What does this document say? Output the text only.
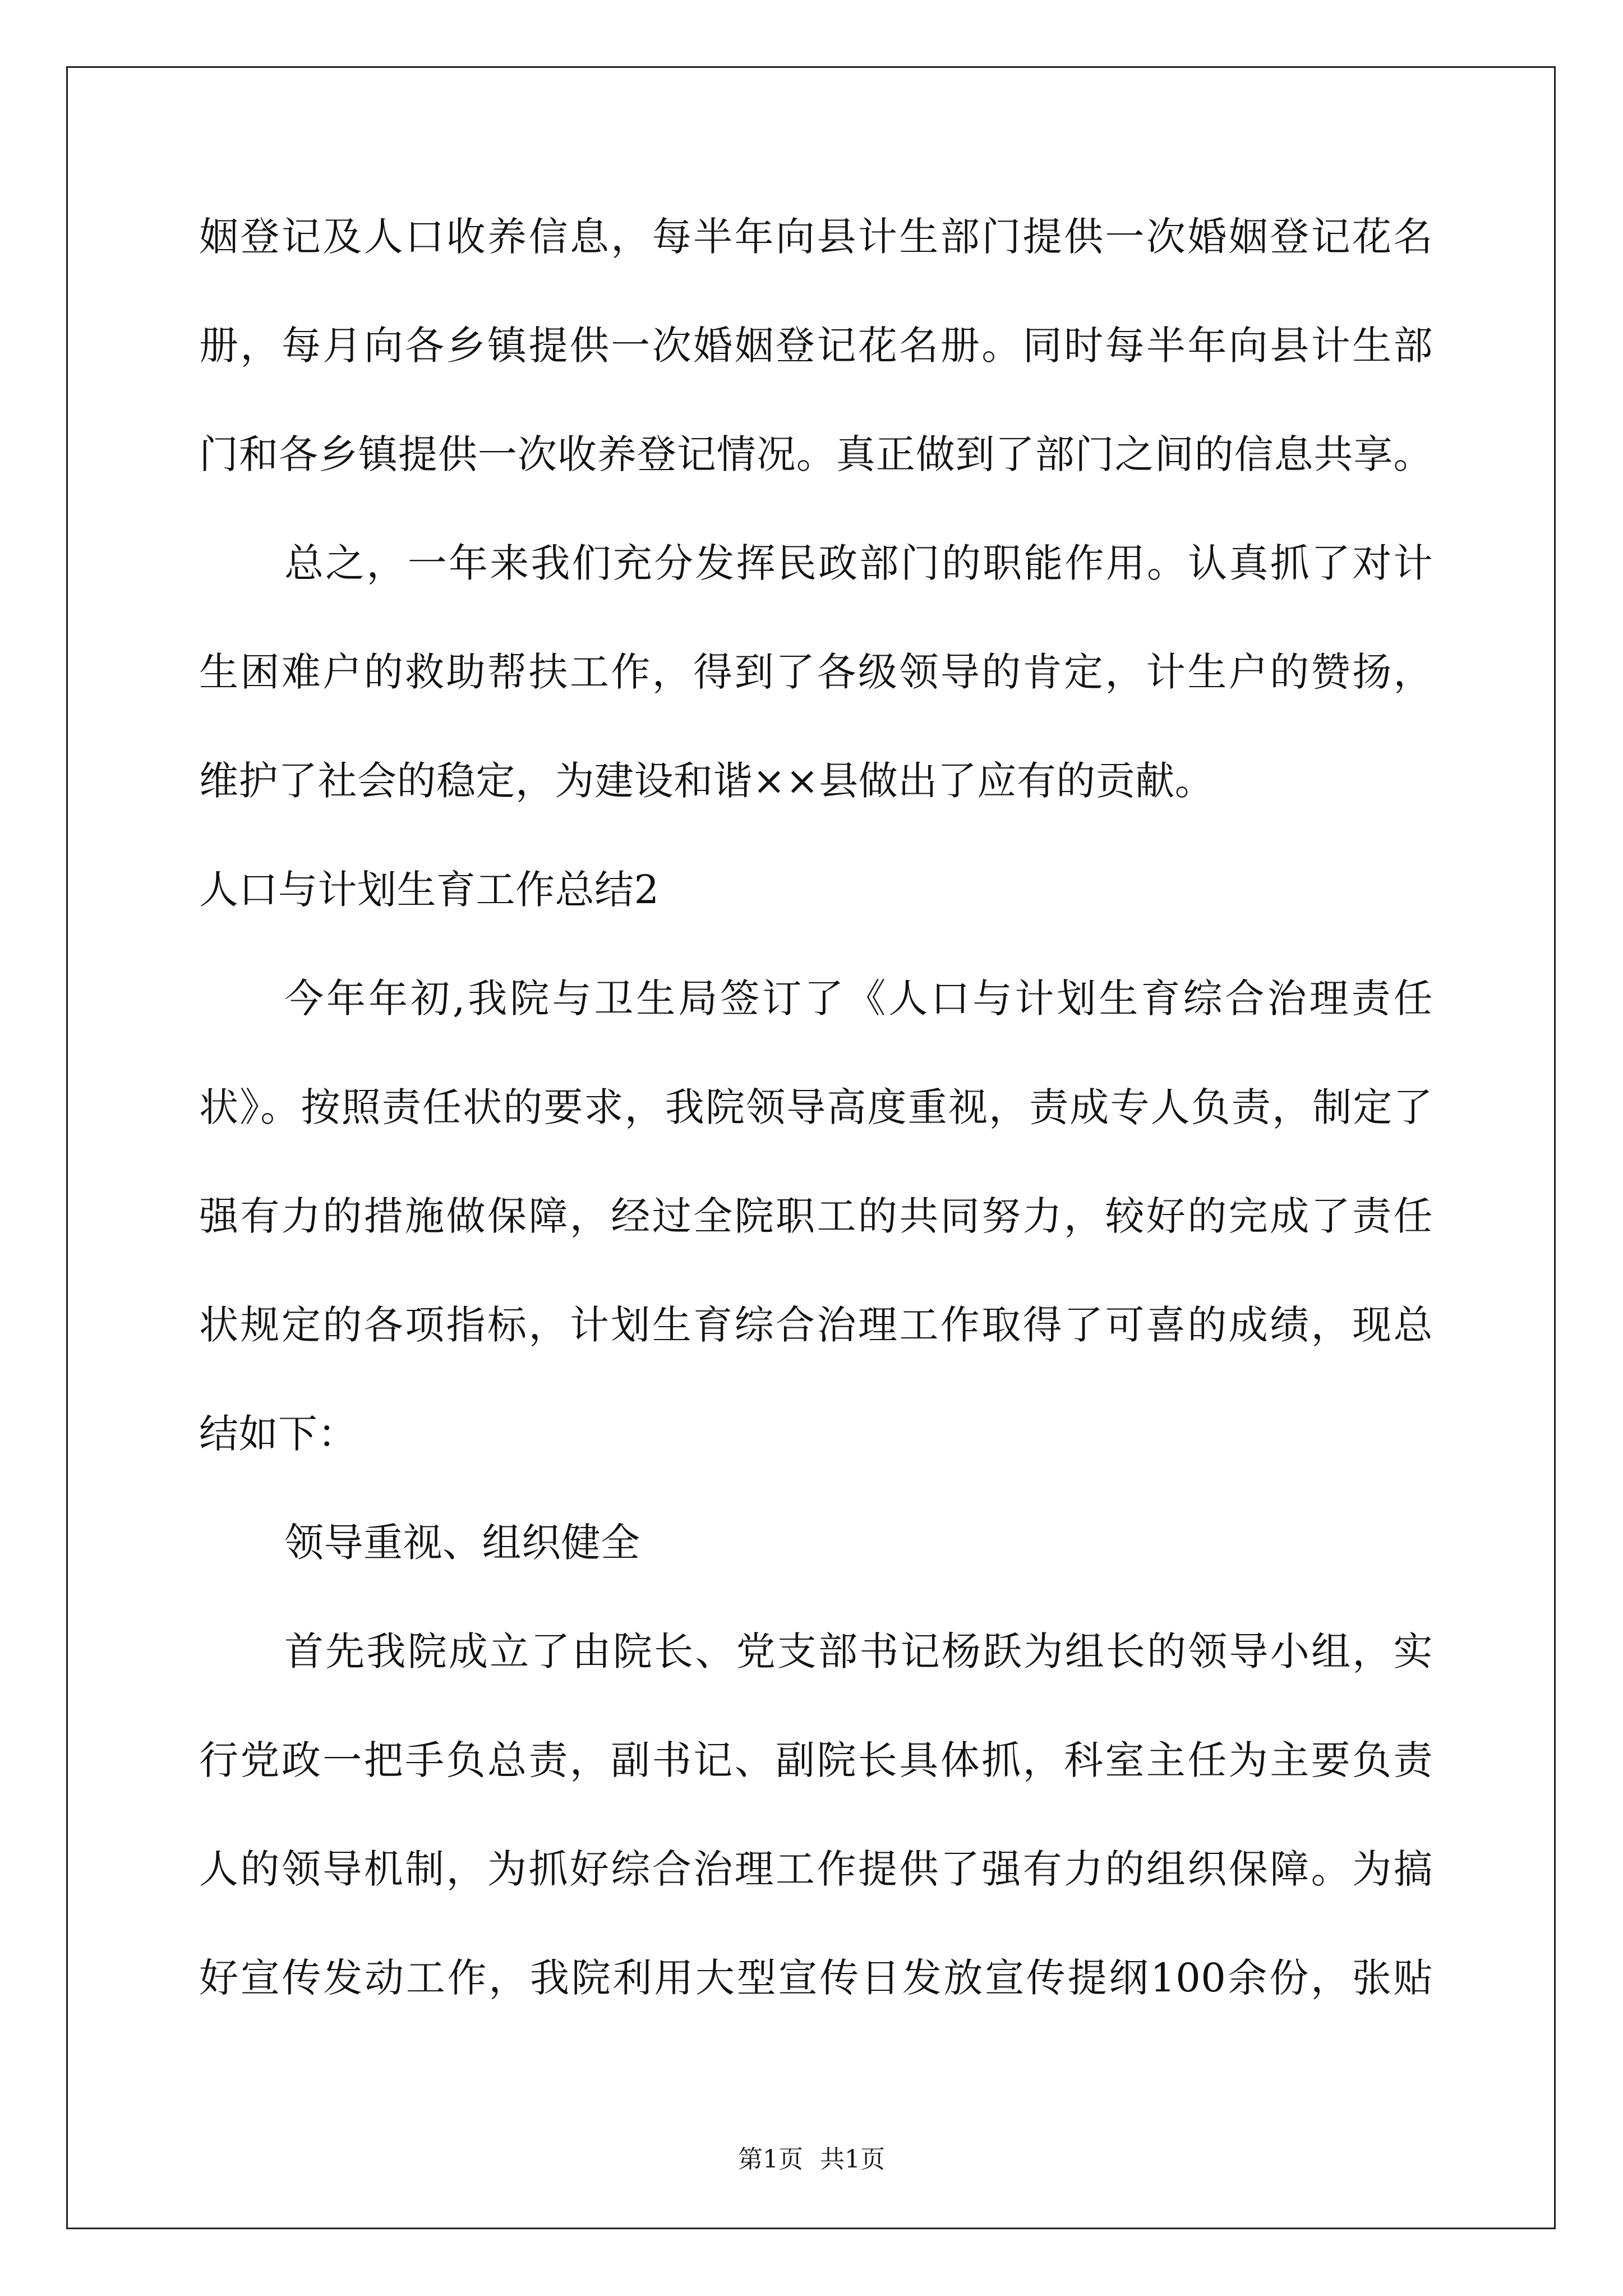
姻登记及人口收养信息，每半年向县计生部门提供一次婚姻登记花名
册，每月向各乡镇提供一次婚姻登记花名册。同时每半年向县计生部
门和各乡镇提供一次收养登记情况。真正做到了部门之间的信息共享。
总之，一年来我们充分发挥民政部门的职能作用。认真抓了对计
生困难户的救助帮扶工作，得到了各级领导的肯定，计生户的赞扬，
维护了社会的稳定，为建设和谐××县做出了应有的贡献。
人口与计划生育工作总结2
今年年初,我院与卫生局签订了《人口与计划生育综合治理责任
状》。按照责任状的要求，我院领导高度重视，责成专人负责，制定了
强有力的措施做保障，经过全院职工的共同努力，较好的完成了责任
状规定的各项指标，计划生育综合治理工作取得了可喜的成绩，现总
结如下：
领导重视、组织健全
首先我院成立了由院长、党支部书记杨跃为组长的领导小组，实
行党政一把手负总责，副书记、副院长具体抓，科室主任为主要负责
人的领导机制，为抓好综合治理工作提供了强有力的组织保障。为搞
好宣传发动工作，我院利用大型宣传日发放宣传提纲100余份，张贴
第1页 共1页
